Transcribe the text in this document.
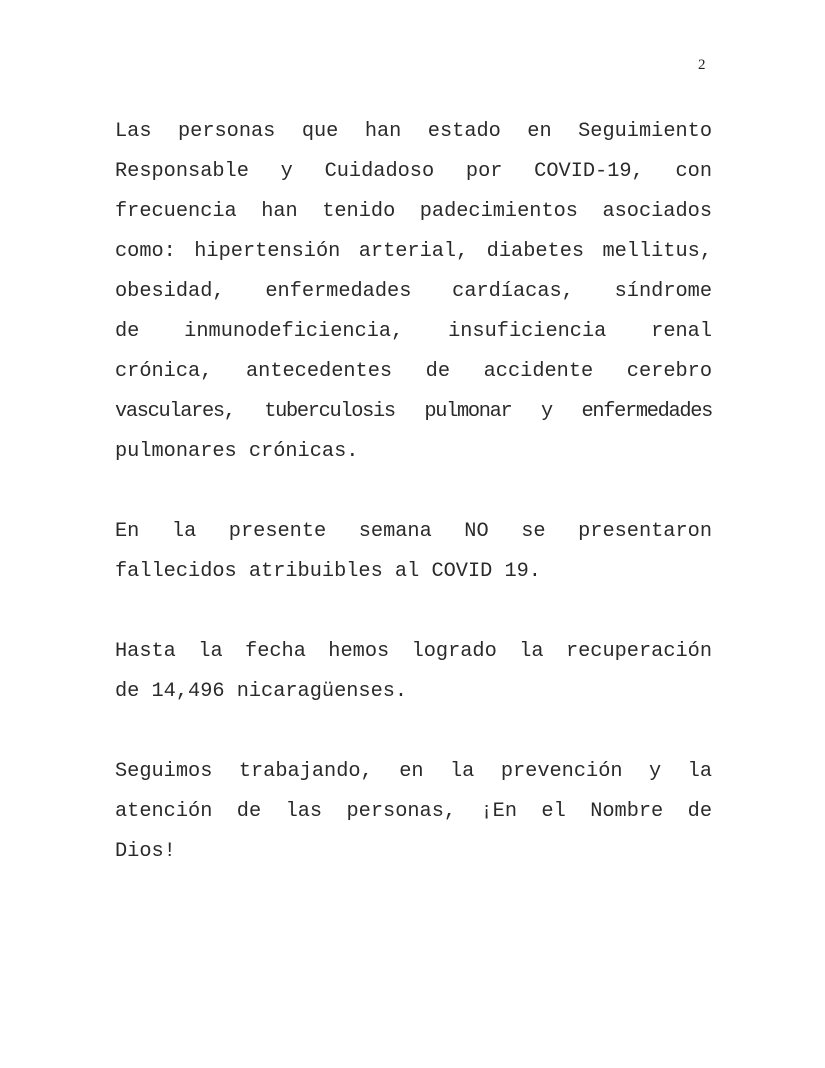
2

Las personas que han estado en Seguimiento
Responsable y Cuidadoso por COVID-19, con
frecuencia han tenido padecimientos asociados
como: hipertensión arterial, diabetes mellitus,
obesidad, enfermedades cardíacas, síndrome
de inmunodeficiencia, insuficiencia renal
crónica, antecedentes de accidente cerebro
vasculares, tuberculosis pulmonar y enfermedades
pulmonares crónicas.

En la presente semana NO se presentaron
fallecidos atribuibles al COVID 19.

Hasta la fecha hemos logrado la recuperación
de 14,496 nicaragüenses.

Seguimos trabajando, en la prevención y la
atención de las personas, ¡En el Nombre de
Dios!
